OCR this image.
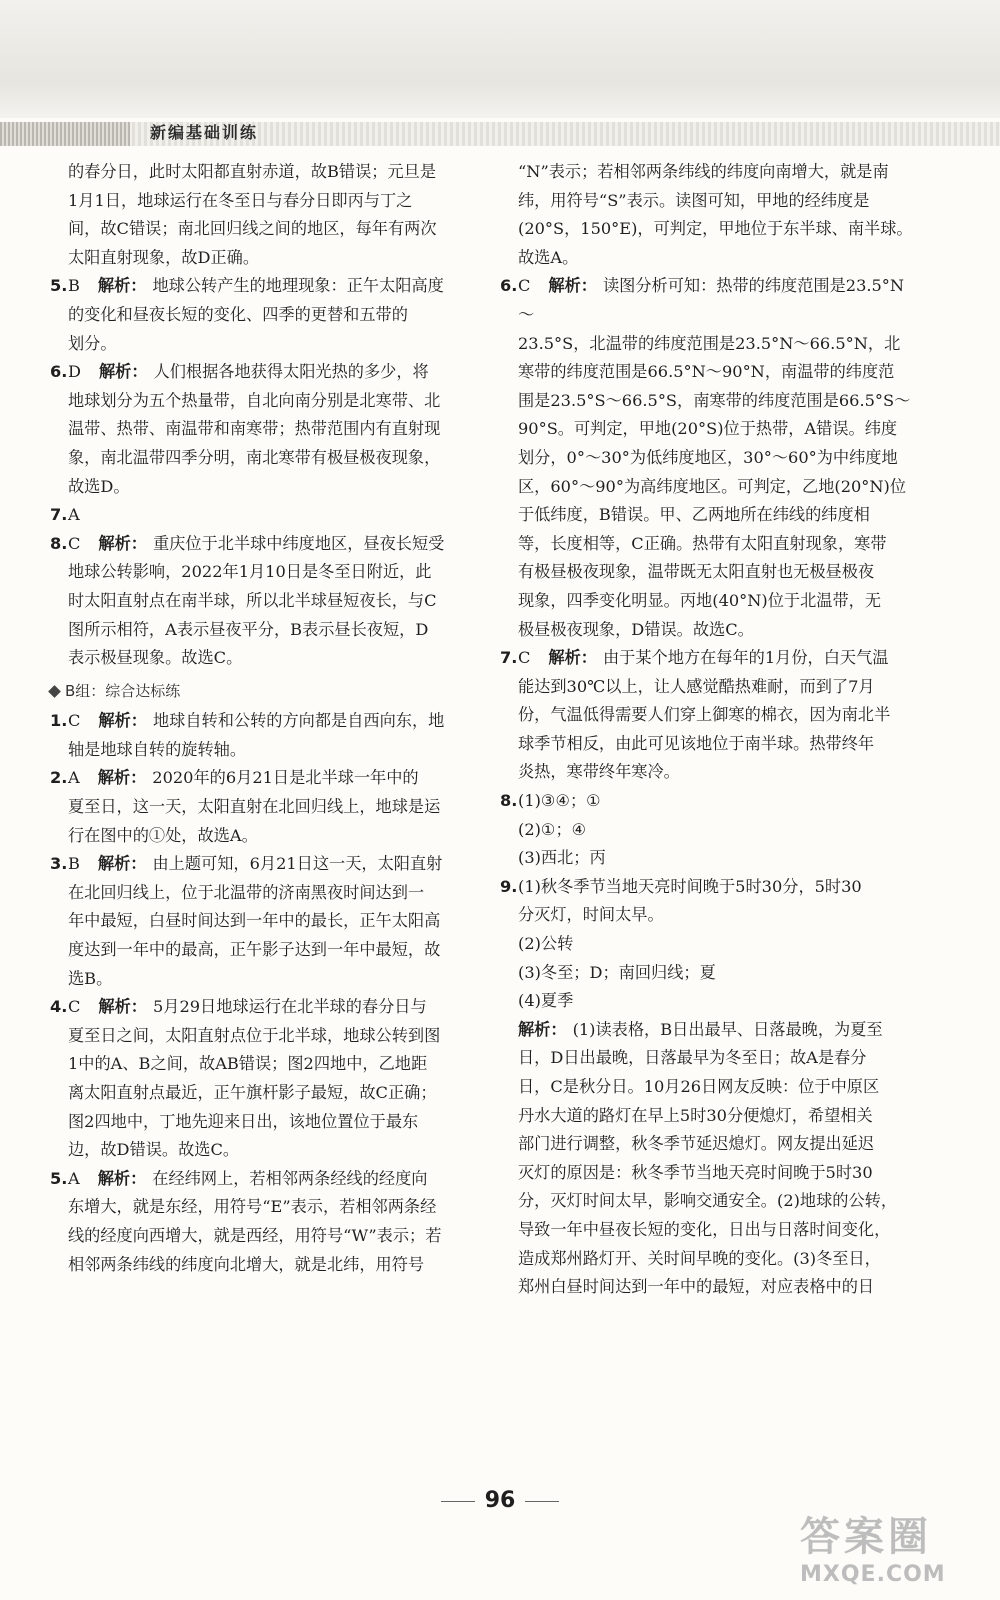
新编基础训练
的春分日，此时太阳都直射赤道，故B错误；元旦是
1月1日，地球运行在冬至日与春分日即丙与丁之
间，故C错误；南北回归线之间的地区，每年有两次
太阳直射现象，故D正确。
5. B 解析： 地球公转产生的地理现象：正午太阳高度
的变化和昼夜长短的变化、四季的更替和五带的
划分。
6. D 解析： 人们根据各地获得太阳光热的多少，将
地球划分为五个热量带，自北向南分别是北寒带、北
温带、热带、南温带和南寒带；热带范围内有直射现
象，南北温带四季分明，南北寒带有极昼极夜现象，
故选D。
7. A
8. C 解析： 重庆位于北半球中纬度地区，昼夜长短受
地球公转影响，2022年1月10日是冬至日附近，此
时太阳直射点在南半球，所以北半球昼短夜长，与C
图所示相符，A表示昼夜平分，B表示昼长夜短，D
表示极昼现象。故选C。
B组：综合达标练
1. C 解析： 地球自转和公转的方向都是自西向东，地
轴是地球自转的旋转轴。
2. A 解析： 2020年的6月21日是北半球一年中的
夏至日，这一天，太阳直射在北回归线上，地球是运
行在图中的①处，故选A。
3. B 解析： 由上题可知，6月21日这一天，太阳直射
在北回归线上，位于北温带的济南黑夜时间达到一
年中最短，白昼时间达到一年中的最长，正午太阳高
度达到一年中的最高，正午影子达到一年中最短，故
选B。
4. C 解析： 5月29日地球运行在北半球的春分日与
夏至日之间，太阳直射点位于北半球，地球公转到图
1中的A、B之间，故AB错误；图2四地中，乙地距
离太阳直射点最近，正午旗杆影子最短，故C正确；
图2四地中，丁地先迎来日出，该地位置位于最东
边，故D错误。故选C。
5. A 解析： 在经纬网上，若相邻两条经线的经度向
东增大，就是东经，用符号“E”表示，若相邻两条经
线的经度向西增大，就是西经，用符号“W”表示；若
相邻两条纬线的纬度向北增大，就是北纬，用符号
“N”表示；若相邻两条纬线的纬度向南增大，就是南
纬，用符号“S”表示。读图可知，甲地的经纬度是
(20°S，150°E)，可判定，甲地位于东半球、南半球。
故选A。
6. C 解析： 读图分析可知：热带的纬度范围是23.5°N～
23.5°S，北温带的纬度范围是23.5°N～66.5°N，北
寒带的纬度范围是66.5°N～90°N，南温带的纬度范
围是23.5°S～66.5°S，南寒带的纬度范围是66.5°S～
90°S。可判定，甲地(20°S)位于热带，A错误。纬度
划分，0°～30°为低纬度地区，30°～60°为中纬度地
区，60°～90°为高纬度地区。可判定，乙地(20°N)位
于低纬度，B错误。甲、乙两地所在纬线的纬度相
等，长度相等，C正确。热带有太阳直射现象，寒带
有极昼极夜现象，温带既无太阳直射也无极昼极夜
现象，四季变化明显。丙地(40°N)位于北温带，无
极昼极夜现象，D错误。故选C。
7. C 解析： 由于某个地方在每年的1月份，白天气温
能达到30℃以上，让人感觉酷热难耐，而到了7月
份，气温低得需要人们穿上御寒的棉衣，因为南北半
球季节相反，由此可见该地位于南半球。热带终年
炎热，寒带终年寒冷。
8. (1)③④；①
(2)①；④
(3)西北；丙
9. (1)秋冬季节当地天亮时间晚于5时30分，5时30
分灭灯，时间太早。
(2)公转
(3)冬至；D；南回归线；夏
(4)夏季
解析： (1)读表格，B日出最早、日落最晚，为夏至
日，D日出最晚，日落最早为冬至日；故A是春分
日，C是秋分日。10月26日网友反映：位于中原区
丹水大道的路灯在早上5时30分便熄灯，希望相关
部门进行调整，秋冬季节延迟熄灯。网友提出延迟
灭灯的原因是：秋冬季节当地天亮时间晚于5时30
分，灭灯时间太早，影响交通安全。(2)地球的公转，
导致一年中昼夜长短的变化，日出与日落时间变化，
造成郑州路灯开、关时间早晚的变化。(3)冬至日，
郑州白昼时间达到一年中的最短，对应表格中的日
96
答案圈
MXQE.COM
